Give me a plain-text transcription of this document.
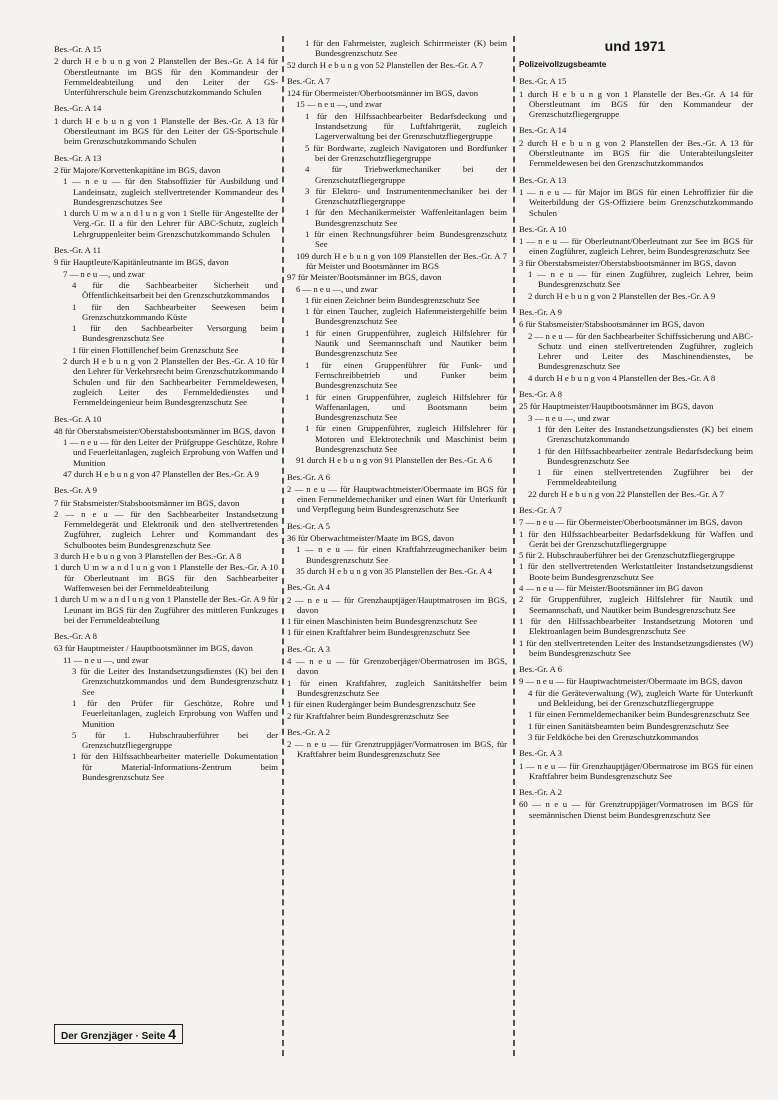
und 1971
Bes.-Gr. A 15
2 durch H e b u n g von 2 Planstellen der Bes.-Gr. A 14 für Oberstleutnante im BGS für den Kommandeur der Fernmeldeabteilung und den Leiter der GS-Unterführerschule beim Grenzschutzkommando Schulen
Bes.-Gr. A 14
1 durch H e b u n g von 1 Planstelle der Bes.-Gr. A 13 für Oberstleutnant im BGS für den Leiter der GS-Sportschule beim Grenzschutzkommando Schulen
Bes.-Gr. A 13
2 für Majore/Korvettenkapitäne im BGS, davon
1 — n e u — für den Stabsoffizier für Ausbildung und Landeinsatz, zugleich stellvertretender Kommandeur des Bundesgrenzschutzes See
1 durch U m w a n d l u n g von 1 Stelle für Angestellte der Verg.-Gr. II a für den Lehrer für ABC-Schutz, zugleich Lehrgruppenleiter beim Grenzschutzkommando Schulen
Bes.-Gr. A 11
9 für Hauptleute/Kapitänleutnante im BGS, davon
7 — n e u —, und zwar
4 für die Sachbearbeiter Sicherheit und Öffentlichkeitsarbeit bei den Grenzschutzkommandos
1 für den Sachbearbeiter Seewesen beim Grenzschutzkommando Küste
1 für den Sachbearbeiter Versorgung beim Bundesgrenzschutz See
1 für einen Flottillenchef beim Grenzschutz See
2 durch H e b u n g von 2 Planstellen der Bes.-Gr. A 10 für den Lehrer für Verkehrsrecht beim Grenzschutzkommando Schulen und für den Sachbearbeiter Fernmeldewesen, zugleich Leiter des Fernmeldedienstes und Fernmeldeingenieur beim Bundesgrenzschutz See
Bes.-Gr. A 10
48 für Oberstabsmeister/Oberstabsbootsmänner im BGS, davon
1 — n e u — für den Leiter der Prüfgruppe Geschütze, Rohre und Feuerleitanlagen, zugleich Erprobung von Waffen und Munition
47 durch H e b u n g von 47 Planstellen der Bes.-Gr. A 9
Bes.-Gr. A 9
7 für Stabsmeister/Stabsbootsmänner im BGS, davon
2 — n e u — für den Sachbearbeiter Instandsetzung Fernmeldegerät und Elektronik und den stellvertretenden Zugführer, zugleich Lehrer und Kommandant des Schulbootes beim Bundesgrenzschutz See
3 durch H e b u n g von 3 Planstellen der Bes.-Gr. A 8
1 durch U m w a n d l u n g von 1 Planstelle der Bes.-Gr. A 10 für Oberleutnant im BGS für den Sachbearbeiter Waffenwesen bei der Fernmeldeabteilung
1 durch U m w a n d l u n g von 1 Planstelle der Bes.-Gr. A 9 für Leunant im BGS für den Zugführer des mittleren Funkzuges bei der Fernmeldeabteilung
Bes.-Gr. A 8
63 für Hauptmeister / Hauptbootsmänner im BGS, davon
11 — n e u —, und zwar
3 für die Leiter des Instandsetzungsdienstes (K) bei den Grenzschutzkommandos und dem Bundesgrenzschutz See
1 für den Prüfer für Geschütze, Rohre und Feuerleitanlagen, zugleich Erprobung von Waffen und Munition
5 für 1. Hubschrauberführer bei der Grenzschutzfliegergruppe
1 für den Hilfssachbearbeiter materielle Dokumentation für Material-Informations-Zentrum beim Bundesgrenzschutz See
1 für den Fahrmeister, zugleich Schirrmeister (K) beim Bundesgrenzschutz See
52 durch H e b u n g von 52 Planstellen der Bes.-Gr. A 7
Bes.-Gr. A 7
124 für Obermeister/Oberbootsmänner im BGS, davon
15 — n e u —, und zwar
1 für den Hilfssachbearbeiter Bedarfsdeckung und Instandsetzung für Luftfahrtgerät, zugleich Lagerverwaltung bei der Grenzschutzfliegergruppe
5 für Bordwarte, zugleich Navigatoren und Bordfunker bei der Grenzschutzfliegergruppe
4 für Triebwerkmechaniker bei der Grenzschutzfliegergruppe
3 für Elektro- und Instrumentenmechaniker bei der Grenzschutzfliegergruppe
1 für den Mechanikermeister Waffenleitanlagen beim Bundesgrenzschutz See
1 für einen Rechnungsführer beim Bundesgrenzschutz See
109 durch H e b u n g von 109 Planstellen der Bes.-Gr. A 7 für Meister und Bootsmänner im BGS
97 für Meister/Bootsmänner im BGS, davon
6 — n e u —, und zwar
1 für einen Zeichner beim Bundesgrenzschutz See
1 für einen Taucher, zugleich Hafenmeistergehilfe beim Bundesgrenzschutz See
1 für einen Gruppenführer, zugleich Hilfslehrer für Nautik und Seemannschaft und Nautiker beim Bundesgrenzschutz See
1 für einen Gruppenführer für Funk- und Fernschreibbetrieb und Funker beim Bundesgrenzschutz See
1 für einen Gruppenführer, zugleich Hilfslehrer für Waffenanlagen, und Bootsmann beim Bundesgrenzschutz See
1 für einen Gruppenführer, zugleich Hilfslehrer für Motoren und Elektrotechnik und Maschinist beim Bundesgrenzschutz See
91 durch H e b u n g von 91 Planstellen der Bes.-Gr. A 6
Bes.-Gr. A 6
2 — n e u — für Hauptwachtmeister/Obermaate im BGS für einen Fernmeldemechaniker und einen Wart für Unterkunft und Verpflegung beim Bundesgrenzschutz See
Bes.-Gr. A 5
36 für Oberwachtmeister/Maate im BGS, davon
1 — n e u — für einen Kraftfahrzeugmechaniker beim Bundesgrenzschutz See
35 durch H e b u n g von 35 Planstellen der Bes.-Gr. A 4
Bes.-Gr. A 4
2 — n e u — für Grenzhauptjäger/Hauptmatrosen im BGS, davon
1 für einen Maschinisten beim Bundesgrenzschutz See
1 für einen Kraftfahrer beim Bundesgrenzschutz See
Bes.-Gr. A 3
4 — n e u — für Grenzoberjäger/Obermatrosen im BGS, davon
1 für einen Kraftfahrer, zugleich Sanitätshelfer beim Bundesgrenzschutz See
1 für einen Rudergänger beim Bundesgrenzschutz See
2 für Kraftfahrer beim Bundesgrenzschutz See
Bes.-Gr. A 2
2 — n e u — für Grenztruppjäger/Vormatrosen im BGS, für Kraftfahrer beim Bundesgrenzschutz See
Polizeivollzugsbeamte
Bes.-Gr. A 15
1 durch H e b u n g von 1 Planstelle der Bes.-Gr. A 14 für Oberstleutnant im BGS für den Kommandeur der Grenzschutzfliegergruppe
Bes.-Gr. A 14
2 durch H e b u n g von 2 Planstellen der Bes.-Gr. A 13 für Oberstleutnante im BGS für die Unterabteilungsleiter Fernmeldewesen bei den Grenzschutzkommandos
Bes.-Gr. A 13
1 — n e u — für Major im BGS für einen Lehroffizier für die Weiterbildung der GS-Offiziere beim Grenzschutzkommando Schulen
Bes.-Gr. A 10
1 — n e u — für Oberleutnant/Oberleutnant zur See im BGS für einen Zugführer, zugleich Lehrer, beim Bundesgrenzschutz See
3 für Oberstabsmeister/Oberstabsbootsmänner im BGS, davon
1 — n e u — für einen Zugführer, zugleich Lehrer, beim Bundesgrenzschutz See
2 durch H e b u n g von 2 Planstellen der Bes.-Gr. A 9
Bes.-Gr. A 9
6 für Stabsmeister/Stabsbootsmänner im BGS, davon
2 — n e u — für den Sachbearbeiter Schiffssicherung und ABC-Schutz und einen stellvertretenden Zugführer, zugleich Lehrer und Leiter des Maschinendienstes, be Bundesgrenzschutz See
4 durch H e b u n g von 4 Planstellen der Bes.-Gr. A 8
Bes.-Gr. A 8
25 für Hauptmeister/Hauptbootsmänner im BGS, davon
3 — n e u —, und zwar
1 für den Leiter des Instandsetzungsdienstes (K) bei einem Grenzschutzkommando
1 für den Hilfssachbearbeiter zentrale Bedarfsdeckung beim Bundesgrenzschutz See
1 für einen stellvertretenden Zugführer bei der Fernmeldeabteilung
22 durch H e b u n g von 22 Planstellen der Bes.-Gr. A 7
Bes.-Gr. A 7
7 — n e u — für Obermeister/Oberbootsmänner im BGS, davon
1 für den Hilfssachbearbeiter Bedarfsdekkung für Waffen und Gerät bei der Grenzschutzfliegergruppe
5 für 2. Hubschrauberführer bei der Grenzschutzfliegergruppe
1 für den stellvertretenden Werkstattleiter Instandsetzungsdienst Boote beim Bundesgrenzschutz See
4 — n e u — für Meister/Bootsmänner im BG davon
2 für Gruppenführer, zugleich Hilfslehrer für Nautik und Seemannschaft, und Nautiker beim Bundesgrenzschutz See
1 für den Hilfssachbearbeiter Instandsetzung Motoren und Elektroanlagen beim Bundesgrenzschutz See
1 für den stellvertretenden Leiter des Instandsetzungsdienstes (W) beim Bundesgrenzschutz See
Bes.-Gr. A 6
9 — n e u — für Hauptwachtmeister/Obermaate im BGS, davon
4 für die Geräteverwaltung (W), zugleich Warte für Unterkunft und Bekleidung, bei der Grenzschutzfliegergruppe
1 für einen Fernmeldemechaniker beim Bundesgrenzschutz See
1 für einen Sanitätsbeamten beim Bundesgrenzschutz See
3 für Feldköche bei den Grenzschutzkommandos
Bes.-Gr. A 3
1 — n e u — für Grenzhauptjäger/Obermatrose im BGS für einen Kraftfahrer beim Bundesgrenzschutz See
Bes.-Gr. A 2
60 — n e u — für Grenztruppjäger/Vormatrosen im BGS für seemännischen Dienst beim Bundesgrenzschutz See
Der Grenzjäger · Seite 4
